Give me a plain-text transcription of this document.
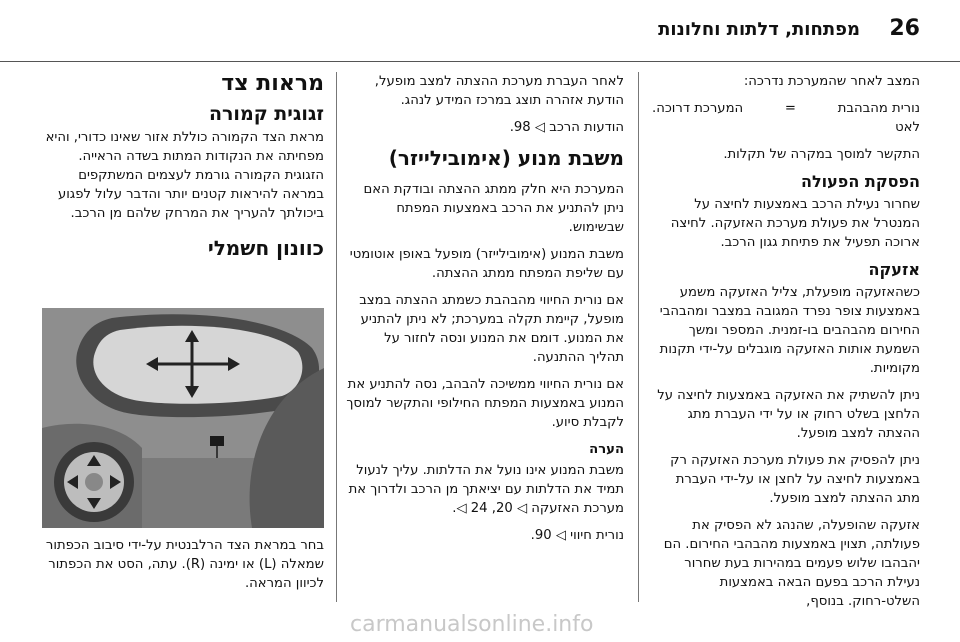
26
מפתחות, דלתות וחלונות

המצב לאחר שהמערכת נדרכה:

נורית מהבהבת
=
המערכת דרוכה.

לאט

התקשר למוסך במקרה של תקלות.

הפסקת הפעולה

שחרור נעילת הרכב באמצעות לחיצה על המנטרל את פעולת מערכת האזעקה. לחיצה ארוכה תפעיל את פתיחת גגון הרכב.

אזעקה

כשהאזעקה מופעלת, צליל האזעקה משמע באמצעות צופר נפרד המגובה במצבר ומהבהבי החירום מהבהבים בו-זמנית. המספר ומשך השמעת אותות האזעקה מוגבלים על-ידי תקנות מקומיות.

ניתן להשתיק את האזעקה באמצעות לחיצה על הלחצן בשלט רחוק או על ידי העברת מתג ההצתה למצב מופעל.

ניתן להפסיק את פעולת מערכת האזעקה רק באמצעות לחיצה על לחצן או על-ידי העברת מתג ההצתה למצב מופעל.

אזעקה שהופעלה, שהנהג לא הפסיק את פעולתה, תצוין באמצעות מהבהבי החירום. הם יהבהבו שלוש פעמים במהירות בעת שחרור נעילת הרכב בפעם הבאה באמצעות השלט-רחוק. בנוסף,

לאחר העברת מערכת ההצתה למצב מופעל, הודעת אזהרה תוצג במרכז המידע לנהג.

הודעות הרכב ◁ 98.

משבת מנוע (אימובילייזר)

המערכת היא חלק ממתג ההצתה ובודקת האם ניתן להתניע את הרכב באמצעות המפתח שבשימוש.

משבת המנוע (אימובילייזר) מופעל באופן אוטומטי עם שליפת המפתח ממתג ההצתה.

אם נורית החיווי מהבהבת כשמתג ההצתה במצב מופעל, קיימת תקלה במערכת; לא ניתן להתניע את המנוע. דומם את המנוע ונסה לחזור על תהליך ההתנעה.

אם נורית החיווי ממשיכה להבהב, נסה להתניע את המנוע באמצעות המפתח החילופי והתקשר למוסך לקבלת סיוע.

הערה

משבת המנוע אינו נועל את הדלתות. עליך לנעול תמיד את הדלתות עם יציאתך מן הרכב ולדרוך את מערכת האזעקה ◁ 20, 24 ◁.

נורית חיווי ◁ 90.

מראות צד
זגוגית קמורה

מראת הצד הקמורה כוללת אזור שאינו כדורי, והיא מפחיתה את הנקודות המתות בשדה הראייה. הזגוגית הקמורה גורמת לעצמים המשתקפים במראה להיראות קטנים יותר והדבר עלול לפגוע ביכולתך להעריך את המרחק שלהם מן הרכב.

כוונון חשמלי

בחר במראת הצד הרלבנטית על-ידי סיבוב הכפתור שמאלה (L) או ימינה (R). עתה, הסט את הכפתור לכיוון המראה.

carmanualsonline.info
